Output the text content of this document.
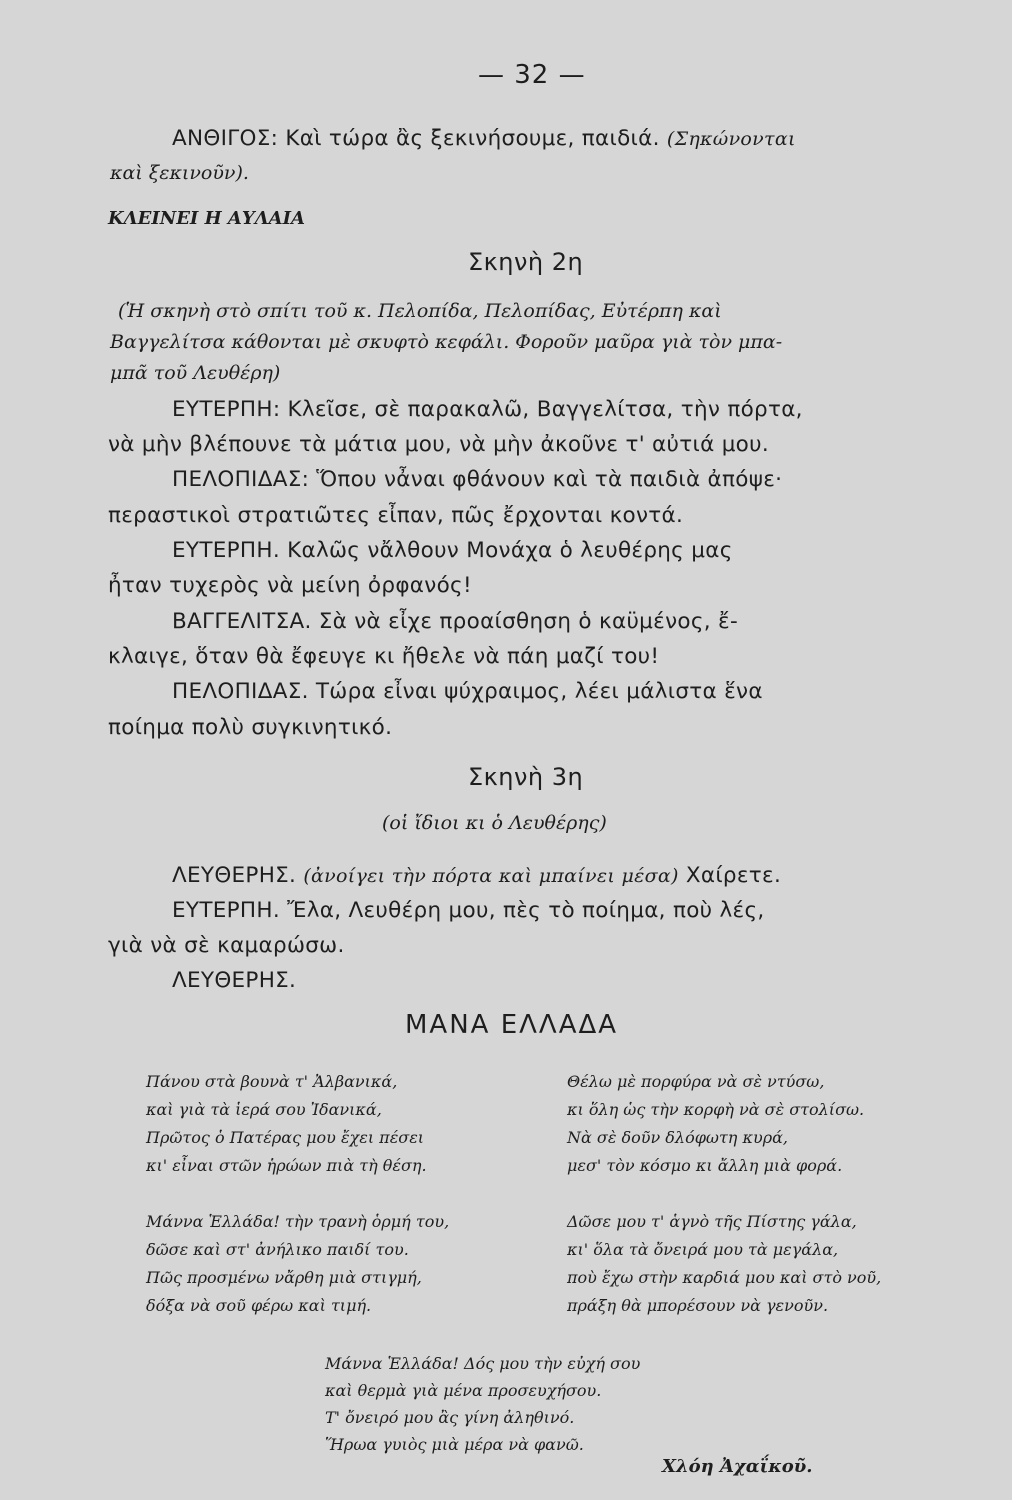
— 32 —
ΑΝΘΙΓΟΣ: Καὶ τώρα ἂς ξεκινήσουμε, παιδιά. (Σηκώνονται
καὶ ξεκινοῦν).
ΚΛΕΙΝΕΙ Η ΑΥΛΑΙΑ
Σκηνὴ 2η
(Ἡ σκηνὴ στὸ σπίτι τοῦ κ. Πελοπίδα, Πελοπίδας, Εὐτέρπη καὶ
Βαγγελίτσα κάθονται μὲ σκυφτὸ κεφάλι. Φοροῦν μαῦρα γιὰ τὸν μπα-
μπᾶ τοῦ Λευθέρη)
ΕΥΤΕΡΠΗ: Κλεῖσε, σὲ παρακαλῶ, Βαγγελίτσα, τὴν πόρτα,
νὰ μὴν βλέπουνε τὰ μάτια μου, νὰ μὴν ἀκοῦνε τ' αὐτιά μου.
ΠΕΛΟΠΙΔΑΣ: Ὅπου νἆναι φθάνουν καὶ τὰ παιδιὰ ἀπόψε·
περαστικοὶ στρατιῶτες εἶπαν, πῶς ἔρχονται κοντά.
ΕΥΤΕΡΠΗ. Καλῶς νἄλθουν Μονάχα ὁ λευθέρης μας
ἦταν τυχερὸς νὰ μείνη ὀρφανός!
ΒΑΓΓΕΛΙΤΣΑ. Σὰ νὰ εἶχε προαίσθηση ὁ καϋμένος, ἔ-
κλαιγε, ὅταν θὰ ἔφευγε κι ἤθελε νὰ πάη μαζί του!
ΠΕΛΟΠΙΔΑΣ. Τώρα εἶναι ψύχραιμος, λέει μάλιστα ἕνα
ποίημα πολὺ συγκινητικό.
Σκηνὴ 3η
(οἱ ἴδιοι κι ὁ Λευθέρης)
ΛΕΥΘΕΡΗΣ. (ἀνοίγει τὴν πόρτα καὶ μπαίνει μέσα) Χαίρετε.
ΕΥΤΕΡΠΗ. Ἔλα, Λευθέρη μου, πὲς τὸ ποίημα, ποὺ λές,
γιὰ νὰ σὲ καμαρώσω.
ΛΕΥΘΕΡΗΣ.
ΜΑΝΑ ΕΛΛΑΔΑ
Πάνου στὰ βουνὰ τ' Ἀλβανικά,
καὶ γιὰ τὰ ἱερά σου Ἰδανικά,
Πρῶτος ὁ Πατέρας μου ἔχει πέσει
κι' εἶναι στῶν ἡρώων πιὰ τὴ θέση.
Θέλω μὲ πορφύρα νὰ σὲ ντύσω,
κι ὅλη ὡς τὴν κορφὴ νὰ σὲ στολίσω.
Νὰ σὲ δοῦν δλόφωτη κυρά,
μεσ' τὸν κόσμο κι ἄλλη μιὰ φορά.
Μάννα Ἑλλάδα! τὴν τρανὴ ὁρμή του,
δῶσε καὶ στ' ἀνήλικο παιδί του.
Πῶς προσμένω νἄρθη μιὰ στιγμή,
δόξα νὰ σοῦ φέρω καὶ τιμή.
Δῶσε μου τ' ἁγνὸ τῆς Πίστης γάλα,
κι' ὅλα τὰ ὄνειρά μου τὰ μεγάλα,
ποὺ ἔχω στὴν καρδιά μου καὶ στὸ νοῦ,
πράξη θὰ μπορέσουν νὰ γενοῦν.
Μάννα Ἑλλάδα! Δός μου τὴν εὐχή σου
καὶ θερμὰ γιὰ μένα προσευχήσου.
Τ' ὄνειρό μου ἂς γίνη ἀληθινό.
Ἥρωα γυιὸς μιὰ μέρα νὰ φανῶ.
Χλόη Ἀχαΐκοῦ.
